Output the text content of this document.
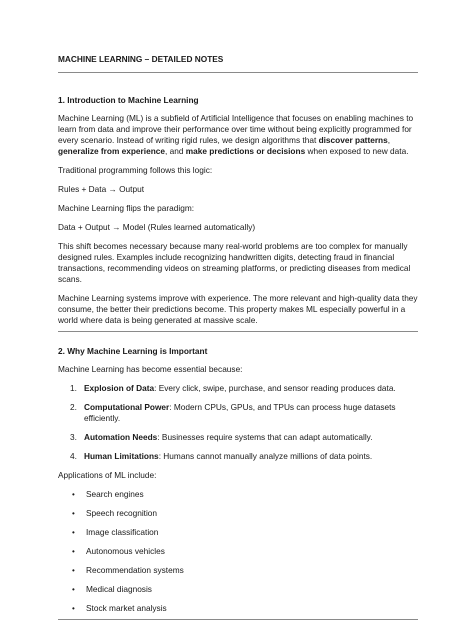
MACHINE LEARNING – DETAILED NOTES
1. Introduction to Machine Learning

Machine Learning (ML) is a subfield of Artificial Intelligence that focuses on enabling machines to learn from data and improve their performance over time without being explicitly programmed for every scenario. Instead of writing rigid rules, we design algorithms that discover patterns, generalize from experience, and make predictions or decisions when exposed to new data.

Traditional programming follows this logic:

Rules + Data → Output

Machine Learning flips the paradigm:

Data + Output → Model (Rules learned automatically)

This shift becomes necessary because many real-world problems are too complex for manually designed rules. Examples include recognizing handwritten digits, detecting fraud in financial transactions, recommending videos on streaming platforms, or predicting diseases from medical scans.

Machine Learning systems improve with experience. The more relevant and high-quality data they consume, the better their predictions become. This property makes ML especially powerful in a world where data is being generated at massive scale.

2. Why Machine Learning is Important

Machine Learning has become essential because:

1. Explosion of Data: Every click, swipe, purchase, and sensor reading produces data.
2. Computational Power: Modern CPUs, GPUs, and TPUs can process huge datasets efficiently.
3. Automation Needs: Businesses require systems that can adapt automatically.
4. Human Limitations: Humans cannot manually analyze millions of data points.

Applications of ML include:

• Search engines
• Speech recognition
• Image classification
• Autonomous vehicles
• Recommendation systems
• Medical diagnosis
• Stock market analysis
